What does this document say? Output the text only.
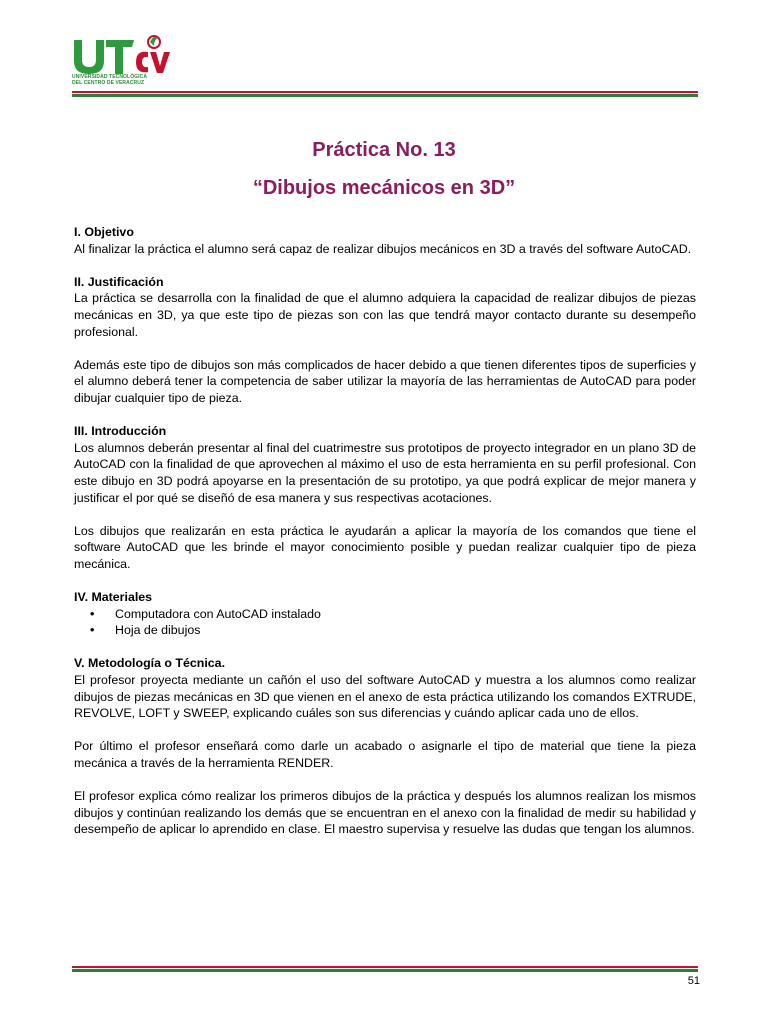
UNIVERSIDAD TECNOLÓGICA
DEL CENTRO DE VERACRUZ
Práctica No. 13
“Dibujos mecánicos en 3D”
I. Objetivo

Al finalizar la práctica el alumno será capaz de realizar dibujos mecánicos en 3D a través del software AutoCAD.

II. Justificación

La práctica se desarrolla con la finalidad de que el alumno adquiera la capacidad de realizar dibujos de piezas mecánicas en 3D, ya que este tipo de piezas son con las que tendrá mayor contacto durante su desempeño profesional.

Además este tipo de dibujos son más complicados de hacer debido a que tienen diferentes tipos de superficies y el alumno deberá tener la competencia de saber utilizar la mayoría de las herramientas de AutoCAD para poder dibujar cualquier tipo de pieza.

III. Introducción

Los alumnos deberán presentar al final del cuatrimestre sus prototipos de proyecto integrador en un plano 3D de AutoCAD con la finalidad de que aprovechen al máximo el uso de esta herramienta en su perfil profesional. Con este dibujo en 3D podrá apoyarse en la presentación de su prototipo, ya que podrá explicar de mejor manera y justificar el por qué se diseñó de esa manera y sus respectivas acotaciones.

Los dibujos que realizarán en esta práctica le ayudarán a aplicar la mayoría de los comandos que tiene el software AutoCAD que les brinde el mayor conocimiento posible y puedan realizar cualquier tipo de pieza mecánica.

IV. Materiales
• Computadora con AutoCAD instalado
• Hoja de dibujos
V. Metodología o Técnica.

El profesor proyecta mediante un cañón el uso del software AutoCAD y muestra a los alumnos como realizar dibujos de piezas mecánicas en 3D que vienen en el anexo de esta práctica utilizando los comandos EXTRUDE, REVOLVE, LOFT y SWEEP, explicando cuáles son sus diferencias y cuándo aplicar cada uno de ellos.

Por último el profesor enseñará como darle un acabado o asignarle el tipo de material que tiene la pieza mecánica a través de la herramienta RENDER.

El profesor explica cómo realizar los primeros dibujos de la práctica y después los alumnos realizan los mismos dibujos y continúan realizando los demás que se encuentran en el anexo con la finalidad de medir su habilidad y desempeño de aplicar lo aprendido en clase. El maestro supervisa y resuelve las dudas que tengan los alumnos.

51
